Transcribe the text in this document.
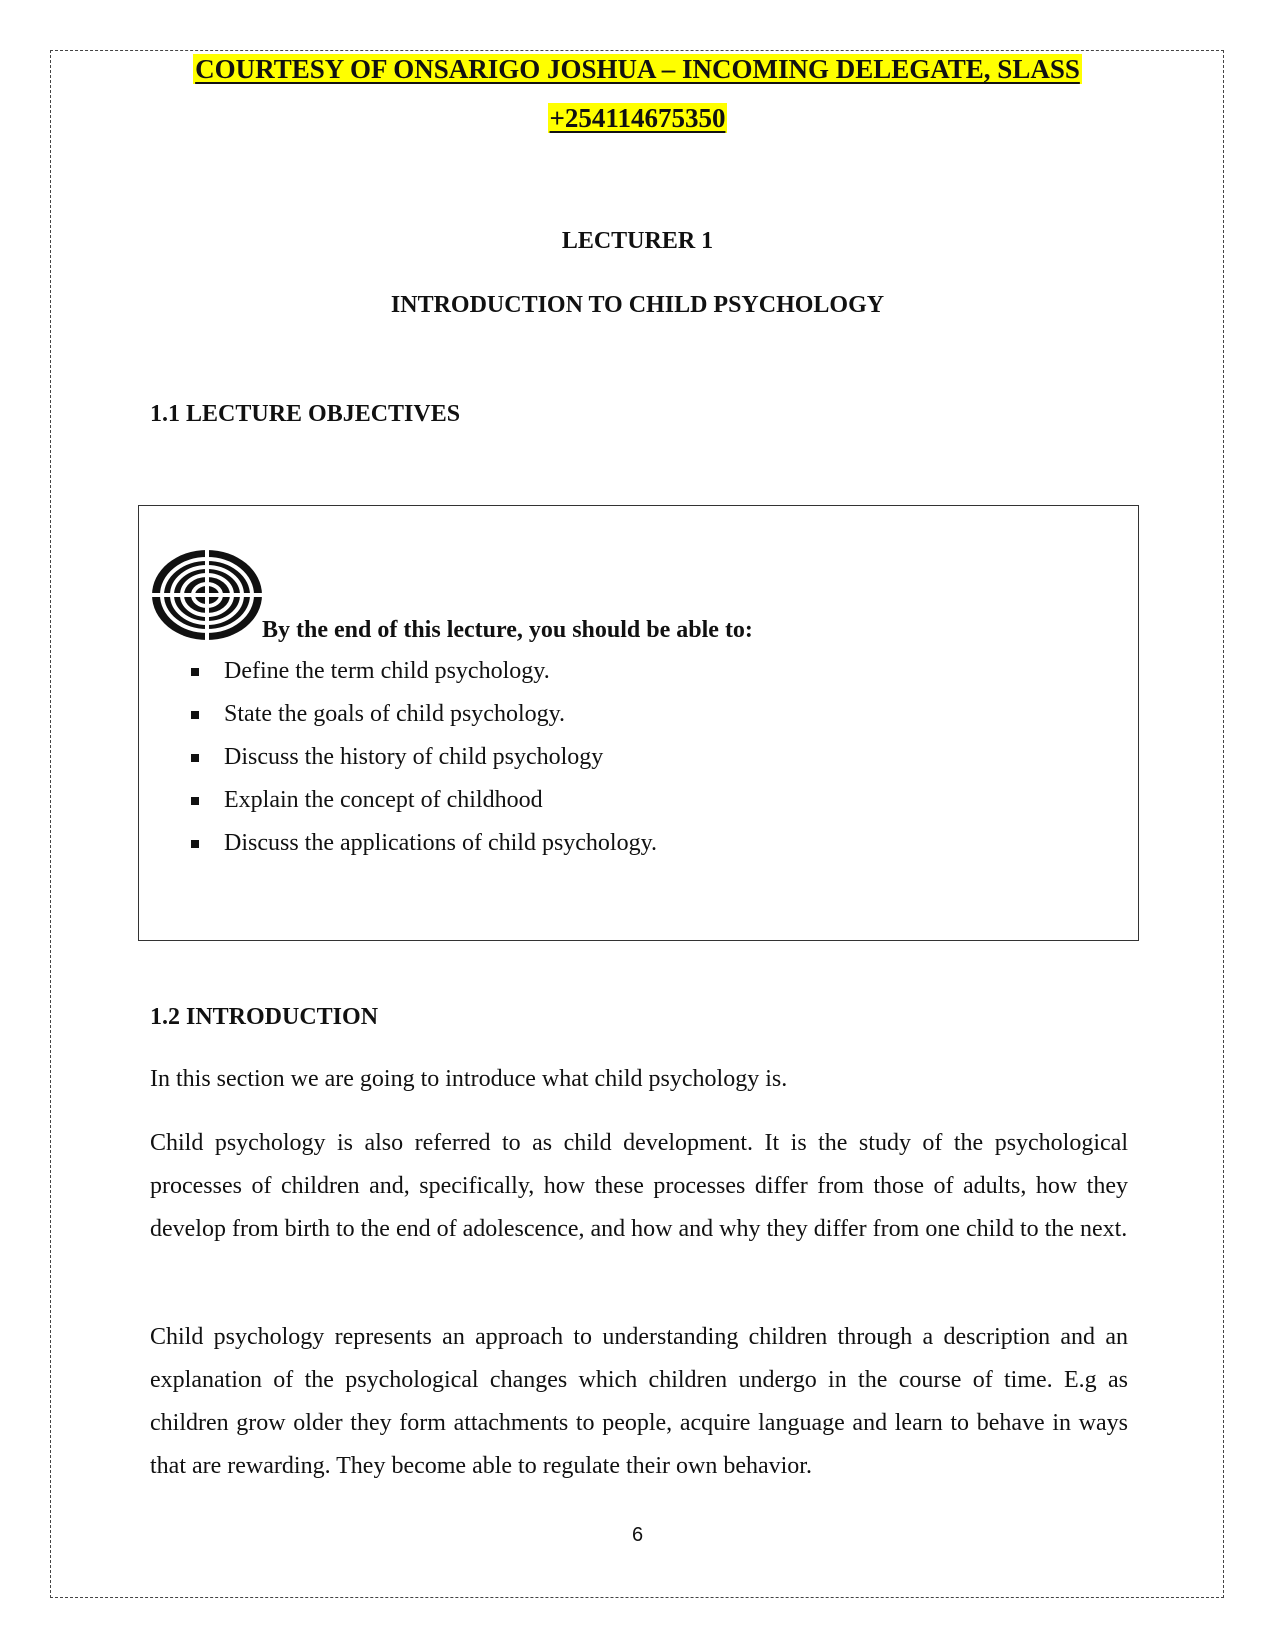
COURTESY OF ONSARIGO JOSHUA – INCOMING DELEGATE, SLASS
+254114675350
LECTURER 1
INTRODUCTION TO CHILD PSYCHOLOGY
1.1 LECTURE OBJECTIVES
By the end of this lecture, you should be able to:
Define the term child psychology.
State the goals of child psychology.
Discuss the history of child psychology
Explain the concept of childhood
Discuss the applications of child psychology.
1.2 INTRODUCTION

In this section we are going to introduce what child psychology is.

Child psychology is also referred to as child development. It is the study of the psychological processes of children and, specifically, how these processes differ from those of adults, how they develop from birth to the end of adolescence, and how and why they differ from one child to the next.

Child psychology represents an approach to understanding children through a description and an explanation of the psychological changes which children undergo in the course of time. E.g as children grow older they form attachments to people, acquire language and learn to behave in ways that are rewarding. They become able to regulate their own behavior.

6
